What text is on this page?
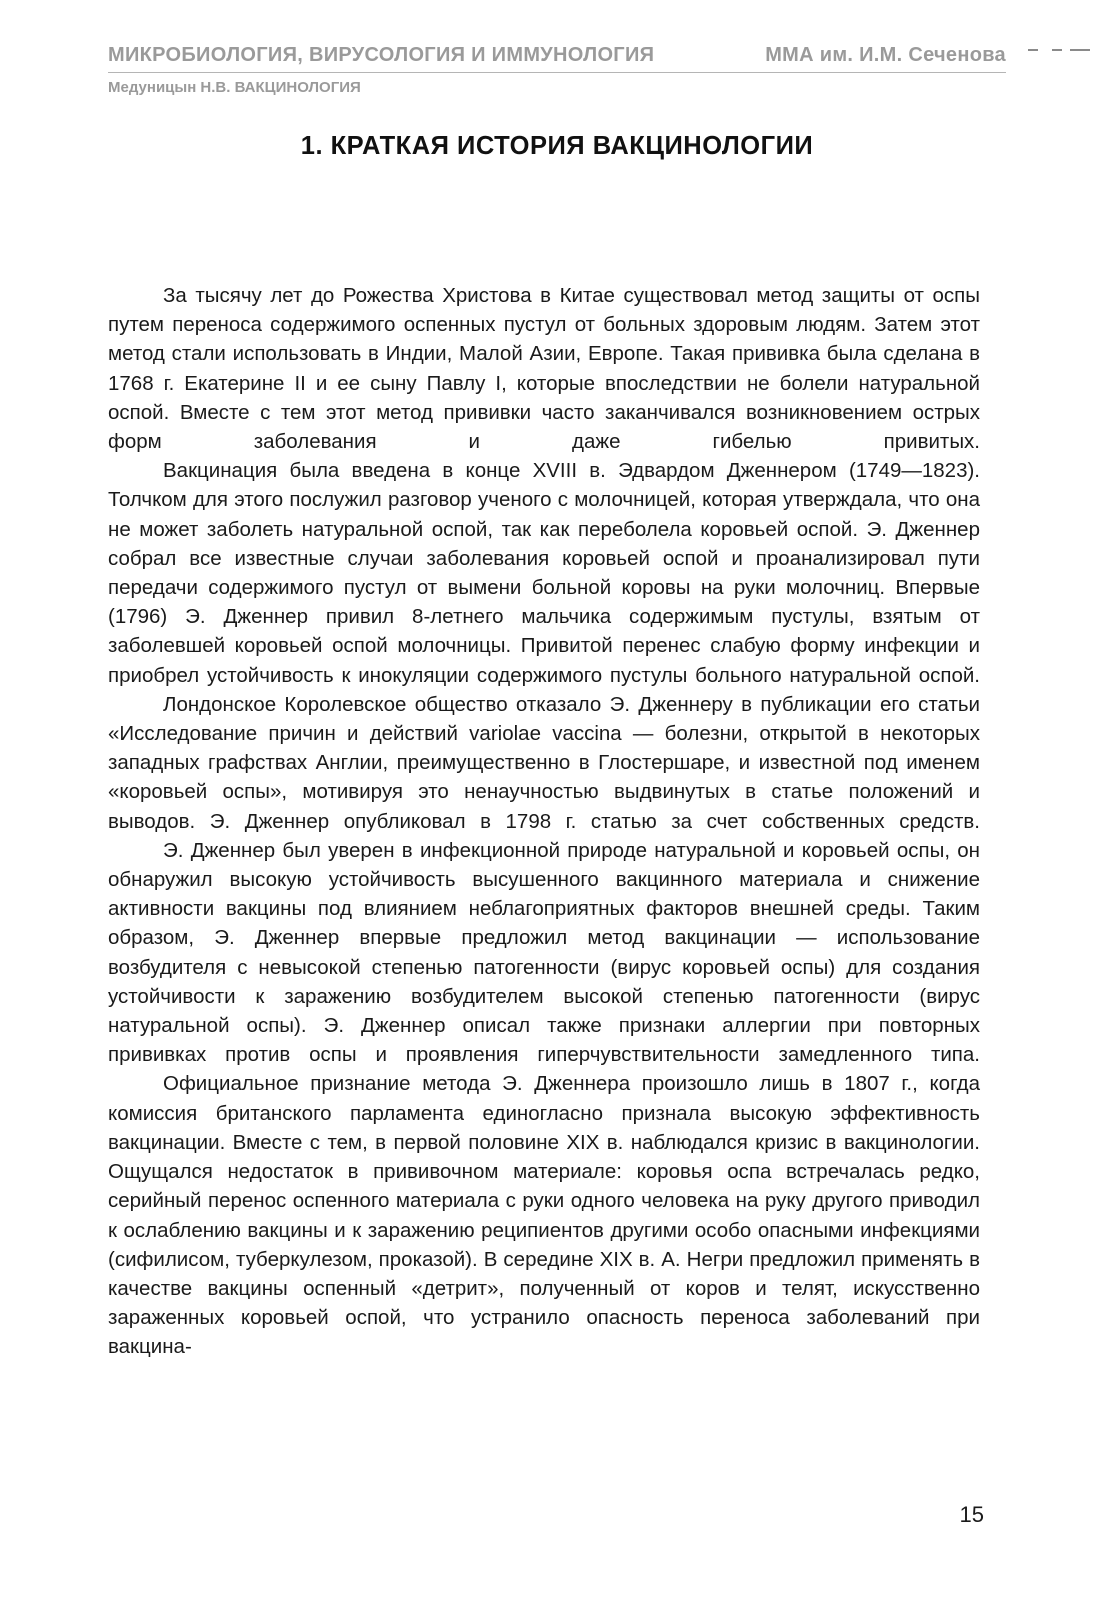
МИКРОБИОЛОГИЯ, ВИРУСОЛОГИЯ И ИММУНОЛОГИЯ	ММА им. И.М. Сеченова
Медуницын Н.В. ВАКЦИНОЛОГИЯ
1. КРАТКАЯ ИСТОРИЯ ВАКЦИНОЛОГИИ

За тысячу лет до Рожества Христова в Китае существовал метод защиты от оспы путем переноса содержимого оспенных пустул от больных здоровым людям. Затем этот метод стали использовать в Индии, Малой Азии, Европе. Такая прививка была сделана в 1768 г. Екатерине II и ее сыну Павлу I, которые впоследствии не болели натуральной оспой. Вместе с тем этот метод прививки часто заканчивался возникновением острых форм заболевания и даже гибелью привитых.

Вакцинация была введена в конце XVIII в. Эдвардом Дженнером (1749—1823). Толчком для этого послужил разговор ученого с молочницей, которая утверждала, что она не может заболеть натуральной оспой, так как переболела коровьей оспой. Э. Дженнер собрал все известные случаи заболевания коровьей оспой и проанализировал пути передачи содержимого пустул от вымени больной коровы на руки молочниц. Впервые (1796) Э. Дженнер привил 8-летнего мальчика содержимым пустулы, взятым от заболевшей коровьей оспой молочницы. Привитой перенес слабую форму инфекции и приобрел устойчивость к инокуляции содержимого пустулы больного натуральной оспой.

Лондонское Королевское общество отказало Э. Дженнеру в публикации его статьи «Исследование причин и действий variolae vaccina — болезни, открытой в некоторых западных графствах Англии, преимущественно в Глостершаре, и известной под именем «коровьей оспы», мотивируя это ненаучностью выдвинутых в статье положений и выводов. Э. Дженнер опубликовал в 1798 г. статью за счет собственных средств.

Э. Дженнер был уверен в инфекционной природе натуральной и коровьей оспы, он обнаружил высокую устойчивость высушенного вакцинного материала и снижение активности вакцины под влиянием неблагоприятных факторов внешней среды. Таким образом, Э. Дженнер впервые предложил метод вакцинации — использование возбудителя с невысокой степенью патогенности (вирус коровьей оспы) для создания устойчивости к заражению возбудителем высокой степенью патогенности (вирус натуральной оспы). Э. Дженнер описал также признаки аллергии при повторных прививках против оспы и проявления гиперчувствительности замедленного типа.

Официальное признание метода Э. Дженнера произошло лишь в 1807 г., когда комиссия британского парламента единогласно признала высокую эффективность вакцинации. Вместе с тем, в первой половине XIX в. наблюдался кризис в вакцинологии. Ощущался недостаток в прививочном материале: коровья оспа встречалась редко, серийный перенос оспенного материала с руки одного человека на руку другого приводил к ослаблению вакцины и к заражению реципиентов другими особо опасными инфекциями (сифилисом, туберкулезом, проказой). В середине XIX в. А. Негри предложил применять в качестве вакцины оспенный «детрит», полученный от коров и телят, искусственно зараженных коровьей оспой, что устранило опасность переноса заболеваний при вакцина-

15
